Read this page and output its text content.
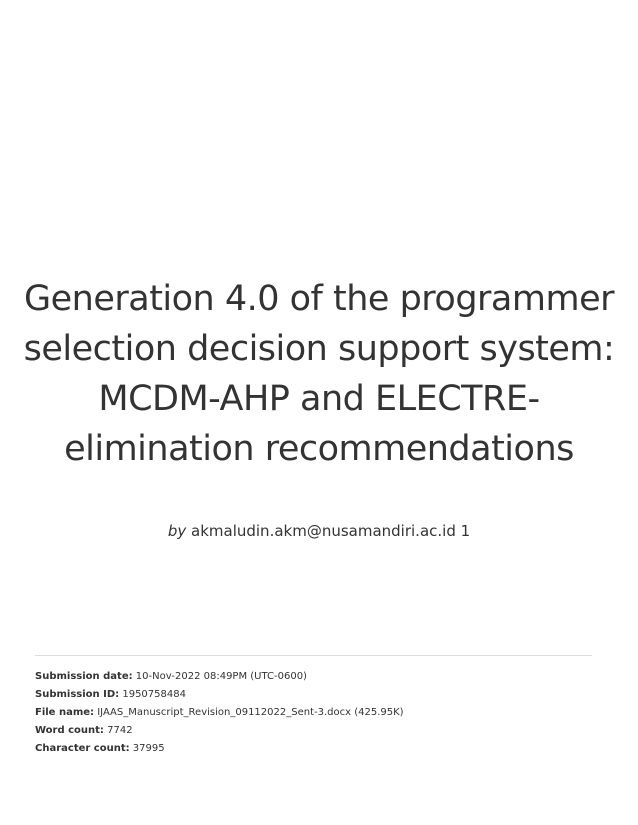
Generation 4.0 of the programmer selection decision support system: MCDM-AHP and ELECTRE-elimination recommendations
by akmaludin.akm@nusamandiri.ac.id 1
Submission date: 10-Nov-2022 08:49PM (UTC-0600)
Submission ID: 1950758484
File name: IJAAS_Manuscript_Revision_09112022_Sent-3.docx (425.95K)
Word count: 7742
Character count: 37995
